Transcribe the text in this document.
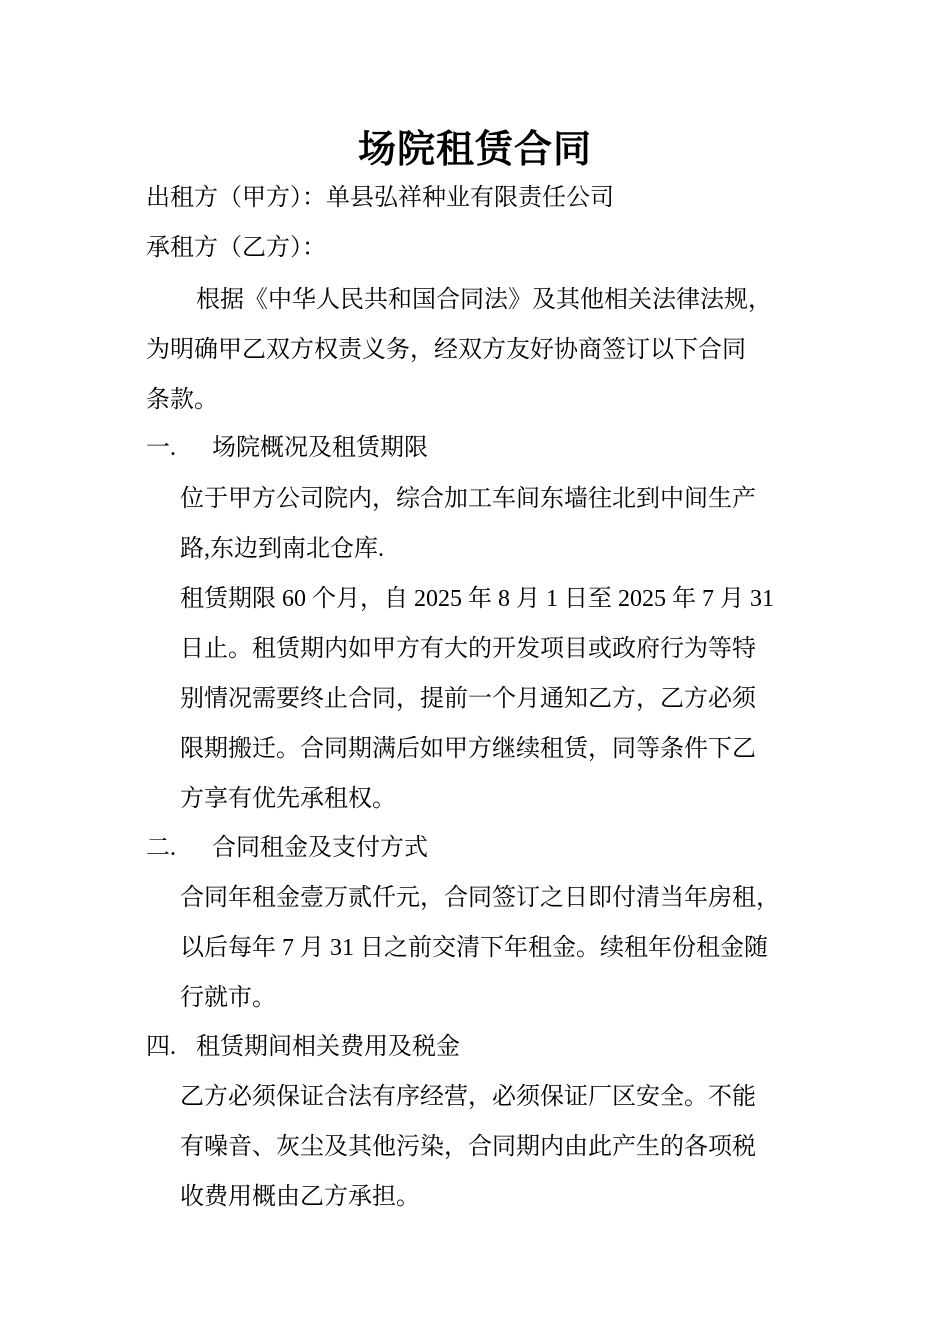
场院租赁合同
出租方（甲方）：单县弘祥种业有限责任公司
承租方（乙方）：
根据《中华人民共和国合同法》及其他相关法律法规，
为明确甲乙双方权责义务，经双方友好协商签订以下合同
条款。
一. 场院概况及租赁期限
位于甲方公司院内，综合加工车间东墙往北到中间生产
路,东边到南北仓库.
租赁期限 60 个月，自 2025 年 8 月 1 日至 2025 年 7 月 31
日止。租赁期内如甲方有大的开发项目或政府行为等特
别情况需要终止合同，提前一个月通知乙方，乙方必须
限期搬迁。合同期满后如甲方继续租赁，同等条件下乙
方享有优先承租权。
二. 合同租金及支付方式
合同年租金壹万贰仟元，合同签订之日即付清当年房租，
以后每年 7 月 31 日之前交清下年租金。续租年份租金随
行就市。
四. 租赁期间相关费用及税金
乙方必须保证合法有序经营，必须保证厂区安全。不能
有噪音、灰尘及其他污染，合同期内由此产生的各项税
收费用概由乙方承担。
